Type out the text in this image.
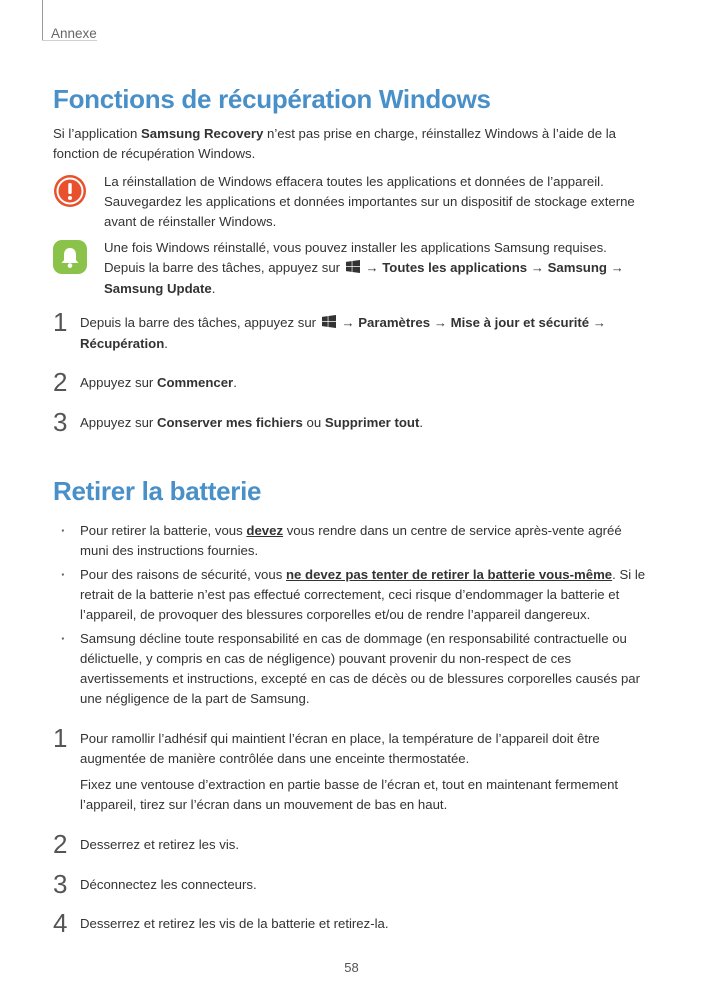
Annexe
Fonctions de récupération Windows

Si l’application Samsung Recovery n’est pas prise en charge, réinstallez Windows à l’aide de la fonction de récupération Windows.

La réinstallation de Windows effacera toutes les applications et données de l’appareil. Sauvegardez les applications et données importantes sur un dispositif de stockage externe avant de réinstaller Windows.

Une fois Windows réinstallé, vous pouvez installer les applications Samsung requises. Depuis la barre des tâches, appuyez sur  → Toutes les applications → Samsung → Samsung Update.

1 Depuis la barre des tâches, appuyez sur  → Paramètres → Mise à jour et sécurité → Récupération.

2 Appuyez sur Commencer.

3 Appuyez sur Conserver mes fichiers ou Supprimer tout.

Retirer la batterie
· Pour retirer la batterie, vous devez vous rendre dans un centre de service après-vente agréé muni des instructions fournies.
· Pour des raisons de sécurité, vous ne devez pas tenter de retirer la batterie vous-même. Si le retrait de la batterie n’est pas effectué correctement, ceci risque d’endommager la batterie et l’appareil, de provoquer des blessures corporelles et/ou de rendre l’appareil dangereux.
· Samsung décline toute responsabilité en cas de dommage (en responsabilité contractuelle ou délictuelle, y compris en cas de négligence) pouvant provenir du non-respect de ces avertissements et instructions, excepté en cas de décès ou de blessures corporelles causés par une négligence de la part de Samsung.
1 Pour ramollir l’adhésif qui maintient l’écran en place, la température de l’appareil doit être augmentée de manière contrôlée dans une enceinte thermostatée.

Fixez une ventouse d’extraction en partie basse de l’écran et, tout en maintenant fermement l’appareil, tirez sur l’écran dans un mouvement de bas en haut.

2 Desserrez et retirez les vis.

3 Déconnectez les connecteurs.

4 Desserrez et retirez les vis de la batterie et retirez-la.

58
